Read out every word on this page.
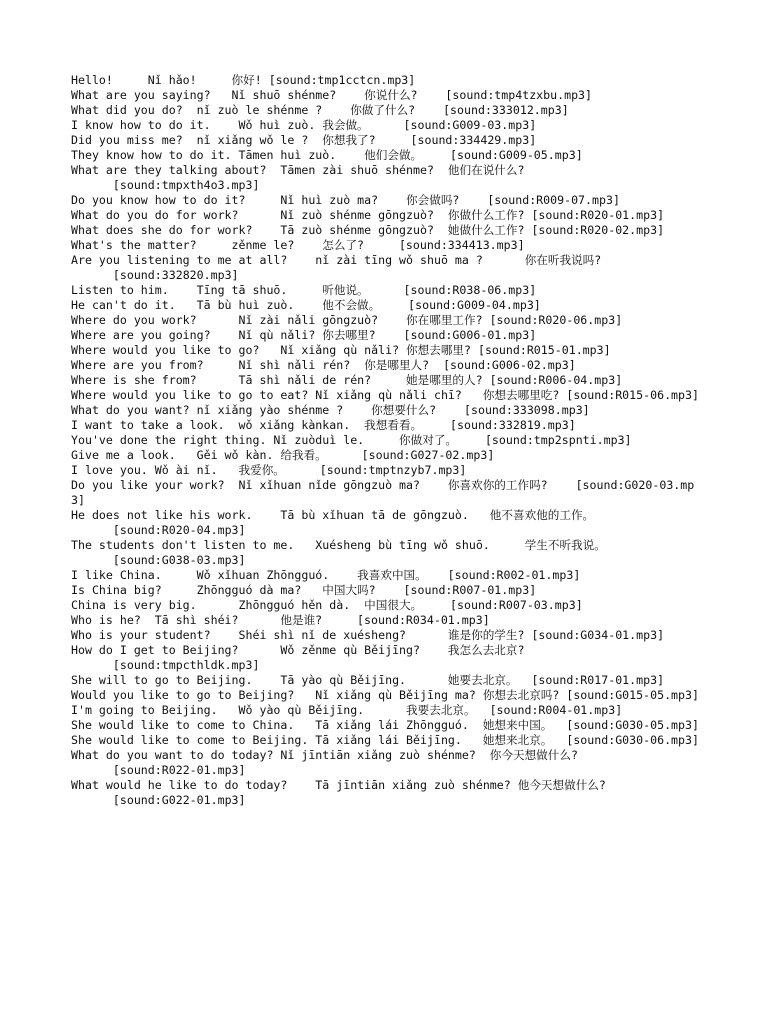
Hello!     Nǐ hǎo!     你好! [sound:tmp1cctcn.mp3]
What are you saying?   Nǐ shuō shénme?    你说什么?    [sound:tmp4tzxbu.mp3]
What did you do?  nǐ zuò le shénme ?    你做了什么?    [sound:333012.mp3]
I know how to do it.    Wǒ huì zuò. 我会做。     [sound:G009-03.mp3]
Did you miss me?  nǐ xiǎng wǒ le ?  你想我了?     [sound:334429.mp3]
They know how to do it. Tāmen huì zuò.    他们会做。    [sound:G009-05.mp3]
What are they talking about?  Tāmen zài shuō shénme?  他们在说什么?
[sound:tmpxth4o3.mp3]
Do you know how to do it?     Nǐ huì zuò ma?    你会做吗?    [sound:R009-07.mp3]
What do you do for work?      Nǐ zuò shénme gōngzuò?  你做什么工作? [sound:R020-01.mp3]
What does she do for work?    Tā zuò shénme gōngzuò?  她做什么工作? [sound:R020-02.mp3]
What's the matter?     zěnme le?    怎么了?     [sound:334413.mp3]
Are you listening to me at all?    nǐ zài tīng wǒ shuō ma ?      你在听我说吗?
[sound:332820.mp3]
Listen to him.    Tīng tā shuō.     听他说。     [sound:R038-06.mp3]
He can't do it.   Tā bù huì zuò.    他不会做。    [sound:G009-04.mp3]
Where do you work?      Nǐ zài nǎli gōngzuò?    你在哪里工作? [sound:R020-06.mp3]
Where are you going?    Nǐ qù nǎli? 你去哪里?    [sound:G006-01.mp3]
Where would you like to go?   Nǐ xiǎng qù nǎli? 你想去哪里? [sound:R015-01.mp3]
Where are you from?     Nǐ shì nǎli rén?  你是哪里人?  [sound:G006-02.mp3]
Where is she from?      Tā shì nǎli de rén?     她是哪里的人? [sound:R006-04.mp3]
Where would you like to go to eat? Nǐ xiǎng qù nǎli chī?   你想去哪里吃? [sound:R015-06.mp3]
What do you want? nǐ xiǎng yào shénme ?    你想要什么?    [sound:333098.mp3]
I want to take a look.  wǒ xiǎng kànkan.  我想看看。    [sound:332819.mp3]
You've done the right thing. Nǐ zuòduì le.     你做对了。    [sound:tmp2spnti.mp3]
Give me a look.   Gěi wǒ kàn. 给我看。     [sound:G027-02.mp3]
I love you. Wǒ ài nǐ.   我爱你。     [sound:tmptnzyb7.mp3]
Do you like your work?  Nǐ xǐhuan nǐde gōngzuò ma?    你喜欢你的工作吗?    [sound:G020-03.mp3]
He does not like his work.    Tā bù xǐhuan tā de gōngzuò.   他不喜欢他的工作。
[sound:R020-04.mp3]
The students don't listen to me.   Xuésheng bù tīng wǒ shuō.     学生不听我说。
[sound:G038-03.mp3]
I like China.     Wǒ xǐhuan Zhōngguó.    我喜欢中国。   [sound:R002-01.mp3]
Is China big?     Zhōngguó dà ma?   中国大吗?    [sound:R007-01.mp3]
China is very big.      Zhōngguó hěn dà.  中国很大。    [sound:R007-03.mp3]
Who is he?  Tā shì shéi?      他是谁?     [sound:R034-01.mp3]
Who is your student?    Shéi shì nǐ de xuésheng?      谁是你的学生? [sound:G034-01.mp3]
How do I get to Beijing?      Wǒ zěnme qù Běijīng?    我怎么去北京?
[sound:tmpcthldk.mp3]
She will to go to Beijing.    Tā yào qù Běijīng.      她要去北京。  [sound:R017-01.mp3]
Would you like to go to Beijing?   Nǐ xiǎng qù Běijīng ma? 你想去北京吗? [sound:G015-05.mp3]
I'm going to Beijing.   Wǒ yào qù Běijīng.      我要去北京。  [sound:R004-01.mp3]
She would like to come to China.   Tā xiǎng lái Zhōngguó.  她想来中国。  [sound:G030-05.mp3]
She would like to come to Beijing. Tā xiǎng lái Běijīng.   她想来北京。  [sound:G030-06.mp3]
What do you want to do today? Nǐ jīntiān xiǎng zuò shénme?  你今天想做什么?
[sound:R022-01.mp3]
What would he like to do today?    Tā jīntiān xiǎng zuò shénme? 他今天想做什么?
[sound:G022-01.mp3]
